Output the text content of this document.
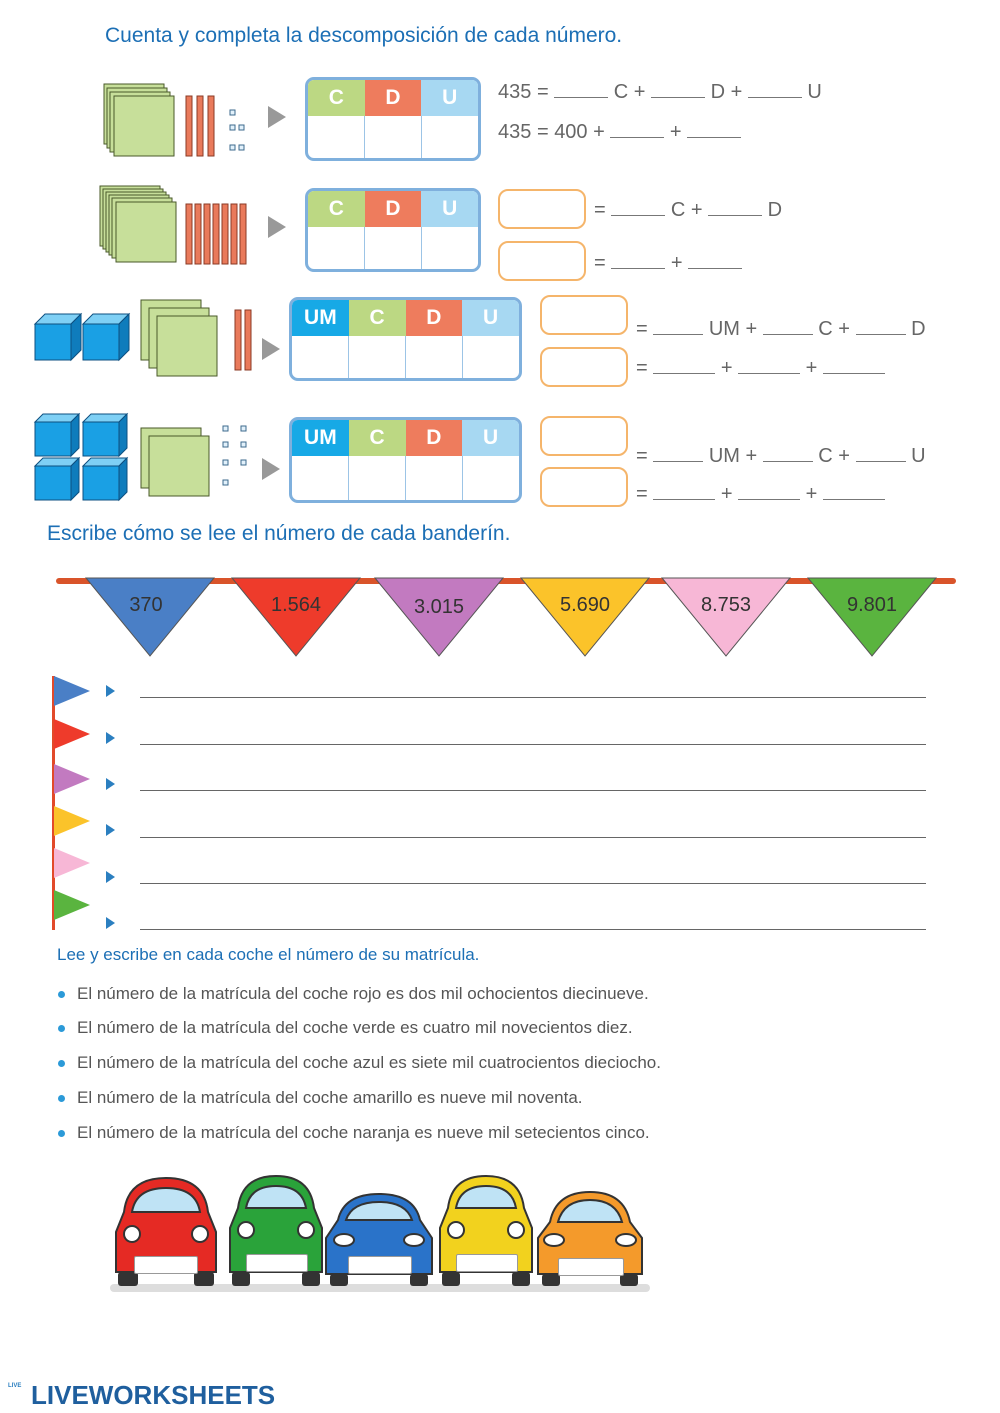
Cuenta y completa la descomposición de cada número.
C	D	U	435 =	C +	D +	U
435 = 400 +	+
C	D	U	=	C +	D
=	+
UM	C	D	U	=	UM +	C +	D
=	+	+
UM	C	D	U
=	UM +	C +	U
=	+	+
Escribe cómo se lee el número de cada banderín.
370	1.564	3.015	5.690	8.753	9.801
Lee y escribe en cada coche el número de su matrícula.
El número de la matrícula del coche rojo es dos mil ochocientos diecinueve.
El número de la matrícula del coche verde es cuatro mil novecientos diez.
El número de la matrícula del coche azul es siete mil cuatrocientos dieciocho.
El número de la matrícula del coche amarillo es nueve mil noventa.
El número de la matrícula del coche naranja es nueve mil setecientos cinco.
LIVE LIVEWORKSHEETS
